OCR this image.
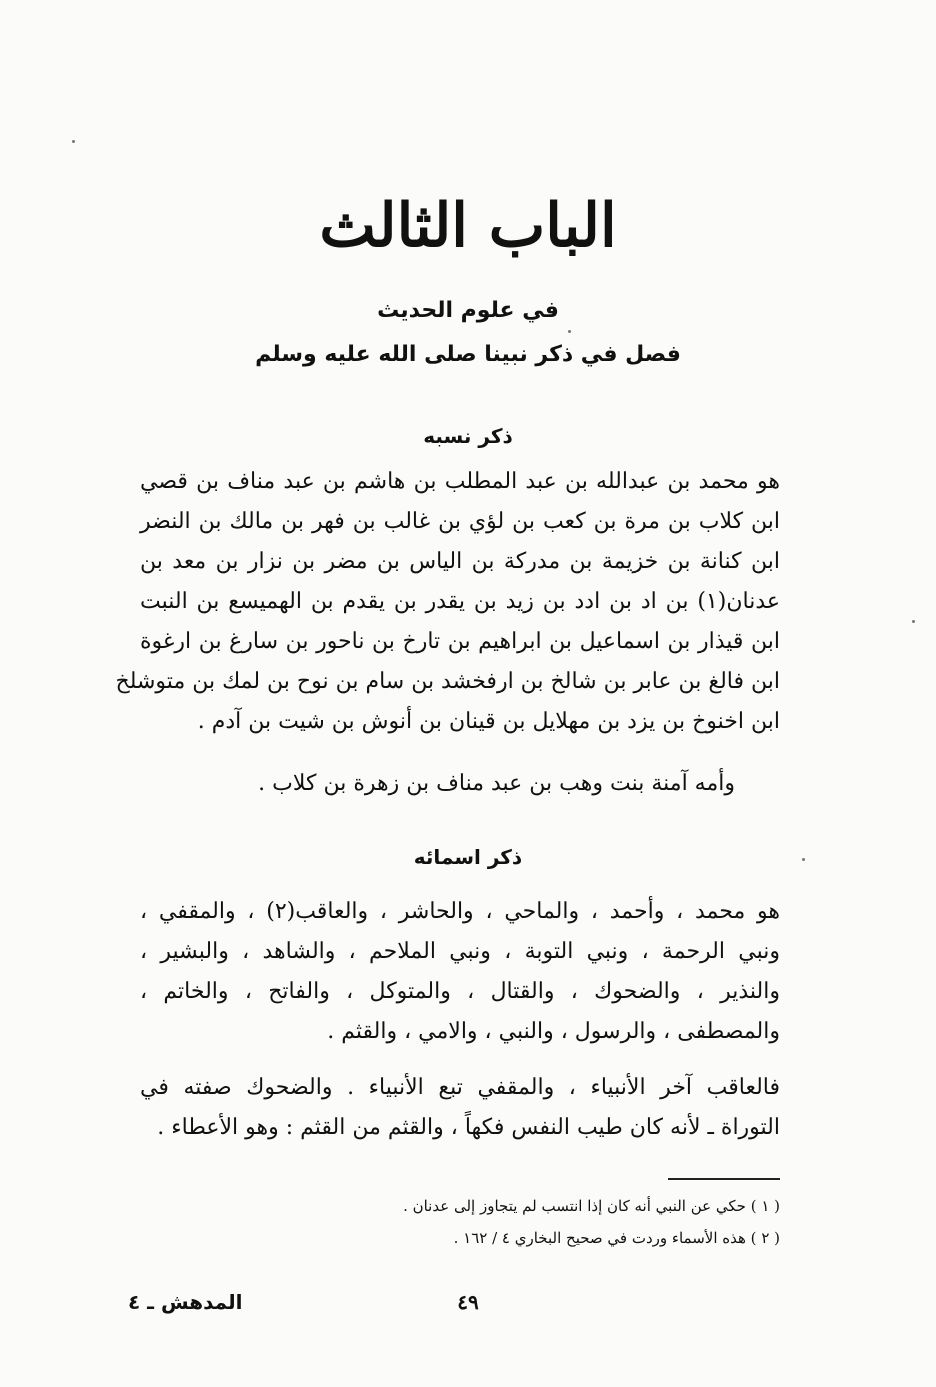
الباب الثالث
في علوم الحديث
فصل في ذكر نبينا صلى الله عليه وسلم
ذكر نسبه
هو محمد بن عبدالله بن عبد المطلب بن هاشم بن عبد مناف بن قصي
ابن كلاب بن مرة بن كعب بن لؤي بن غالب بن فهر بن مالك بن النضر
ابن كنانة بن خزيمة بن مدركة بن الياس بن مضر بن نزار بن معد بن
عدنان(١) بن اد بن ادد بن زيد بن يقدر بن يقدم بن الهميسع بن النبت
ابن قيذار بن اسماعيل بن ابراهيم بن تارخ بن ناحور بن سارغ بن ارغوة
ابن فالغ بن عابر بن شالخ بن ارفخشد بن سام بن نوح بن لمك بن متوشلخ
ابن اخنوخ بن يزد بن مهلايل بن قينان بن أنوش بن شيت بن آدم .
وأمه آمنة بنت وهب بن عبد مناف بن زهرة بن كلاب .
ذكر اسمائه
هو محمد ، وأحمد ، والماحي ، والحاشر ، والعاقب(٢) ، والمقفي ،
ونبي الرحمة ، ونبي التوبة ، ونبي الملاحم ، والشاهد ، والبشير ،
والنذير ، والضحوك ، والقتال ، والمتوكل ، والفاتح ، والخاتم ،
والمصطفى ، والرسول ، والنبي ، والامي ، والقثم .
فالعاقب آخر الأنبياء ، والمقفي تبع الأنبياء . والضحوك صفته في
التوراة ـ لأنه كان طيب النفس فكهاً ، والقثم من القثم : وهو الأعطاء .
( ١ ) حكي عن النبي أنه كان إذا انتسب لم يتجاوز إلى عدنان .
( ٢ ) هذه الأسماء وردت في صحيح البخاري ٤ / ١٦٢ .
٤٩
المدهش ـ ٤
